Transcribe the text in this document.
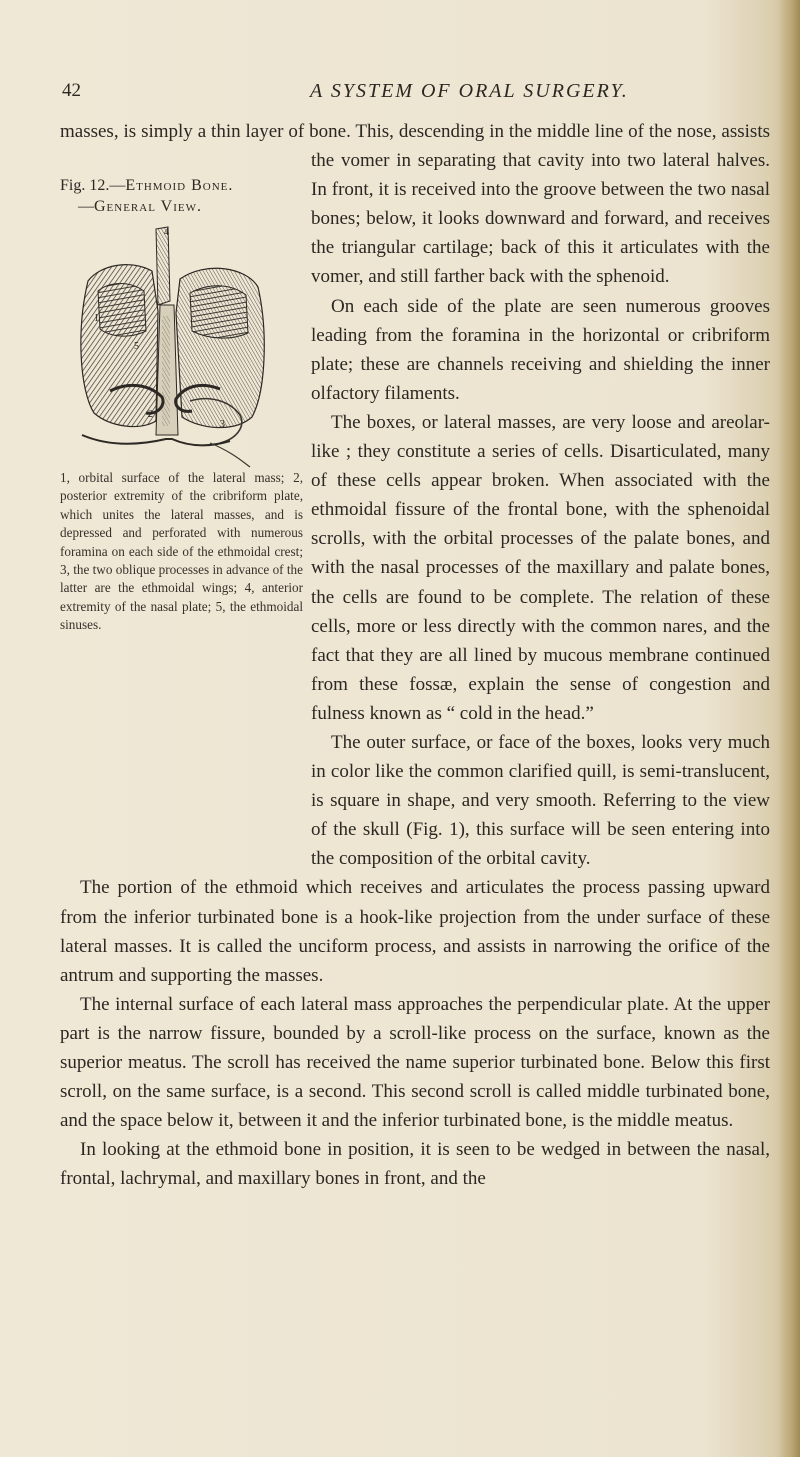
42	A SYSTEM OF ORAL SURGERY.
Fig. 12.—Ethmoid Bone.
—General View.
4
1
5
2
3

1, orbital surface of the lateral mass; 2, posterior extremity of the cribriform plate, which unites the lateral masses, and is depressed and perforated with numerous foramina on each side of the ethmoidal crest; 3, the two oblique processes in advance of the latter are the ethmoidal wings; 4, anterior extremity of the nasal plate; 5, the ethmoidal sinuses.

masses, is simply a thin layer of bone. This, descending in the middle line of the nose, assists the vomer in separating that cavity into two lateral halves. In front, it is received into the groove between the two nasal bones; below, it looks downward and forward, and receives the triangular cartilage; back of this it articulates with the vomer, and still farther back with the sphenoid.

On each side of the plate are seen numerous grooves leading from the foramina in the horizontal or cribriform plate; these are channels receiving and shielding the inner olfactory filaments.

The boxes, or lateral masses, are very loose and areolar-like ; they constitute a series of cells. Disarticulated, many of these cells appear broken. When associated with the ethmoidal fissure of the frontal bone, with the sphenoidal scrolls, with the orbital processes of the palate bones, and with the nasal processes of the maxillary and palate bones, the cells are found to be complete. The relation of these cells, more or less directly with the common nares, and the fact that they are all lined by mucous membrane continued from these fossæ, explain the sense of congestion and fulness known as “ cold in the head.”

The outer surface, or face of the boxes, looks very much in color like the common clarified quill, is semi-translucent, is square in shape, and very smooth. Referring to the view of the skull (Fig. 1), this surface will be seen entering into the composition of the orbital cavity.

The portion of the ethmoid which receives and articulates the process passing upward from the inferior turbinated bone is a hook-like projection from the under surface of these lateral masses. It is called the unciform process, and assists in narrowing the orifice of the antrum and supporting the masses.

The internal surface of each lateral mass approaches the perpendicular plate. At the upper part is the narrow fissure, bounded by a scroll-like process on the surface, known as the superior meatus. The scroll has received the name superior turbinated bone. Below this first scroll, on the same surface, is a second. This second scroll is called middle turbinated bone, and the space below it, between it and the inferior turbinated bone, is the middle meatus.

In looking at the ethmoid bone in position, it is seen to be wedged in between the nasal, frontal, lachrymal, and maxillary bones in front, and the
